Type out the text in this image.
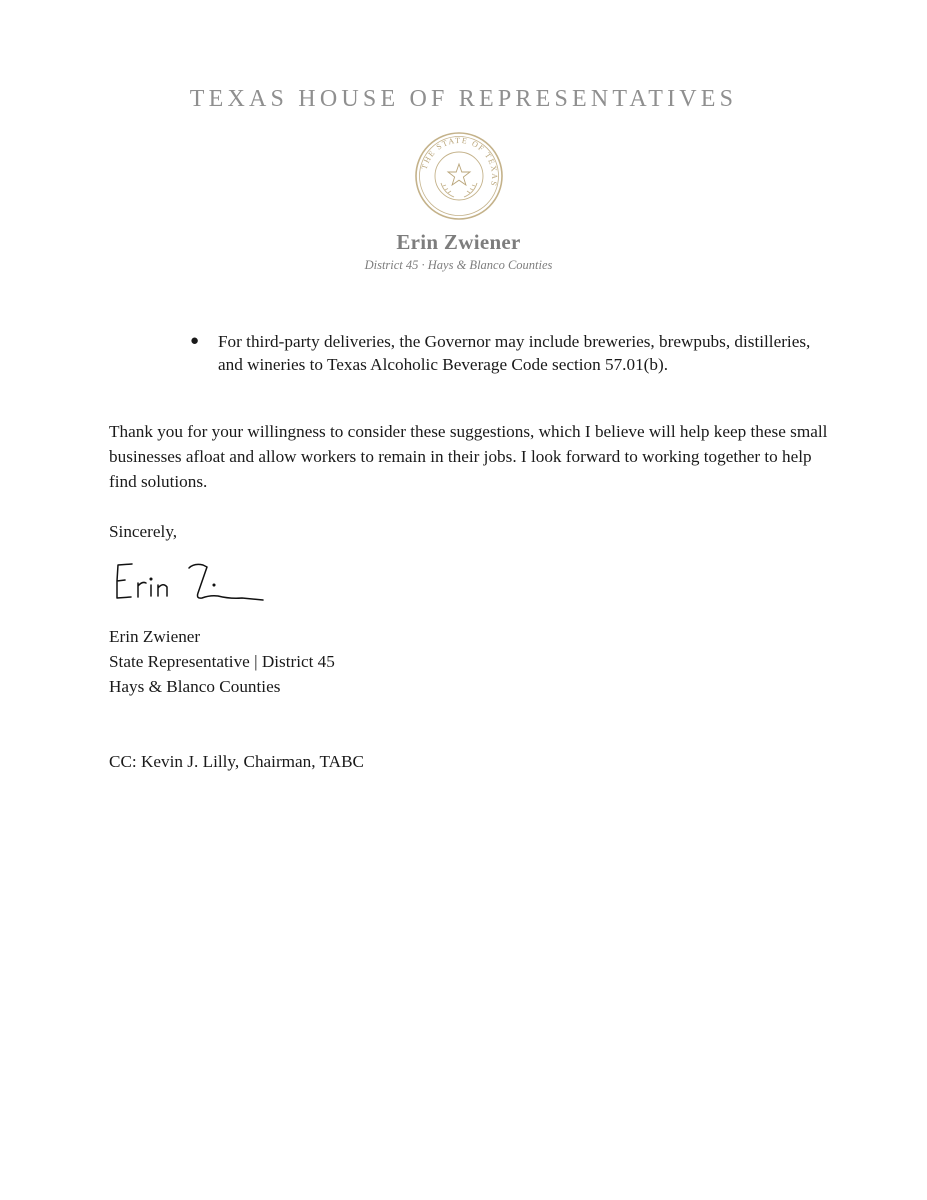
TEXAS HOUSE OF REPRESENTATIVES
THE STATE OF TEXAS
Erin Zwiener
District 45 · Hays & Blanco Counties
● For third-party deliveries, the Governor may include breweries, brewpubs, distilleries, and wineries to Texas Alcoholic Beverage Code section 57.01(b).

Thank you for your willingness to consider these suggestions, which I believe will help keep these small businesses afloat and allow workers to remain in their jobs. I look forward to working together to help find solutions.

Sincerely,
Erin Zwiener
State Representative | District 45
Hays & Blanco Counties
CC: Kevin J. Lilly, Chairman, TABC
